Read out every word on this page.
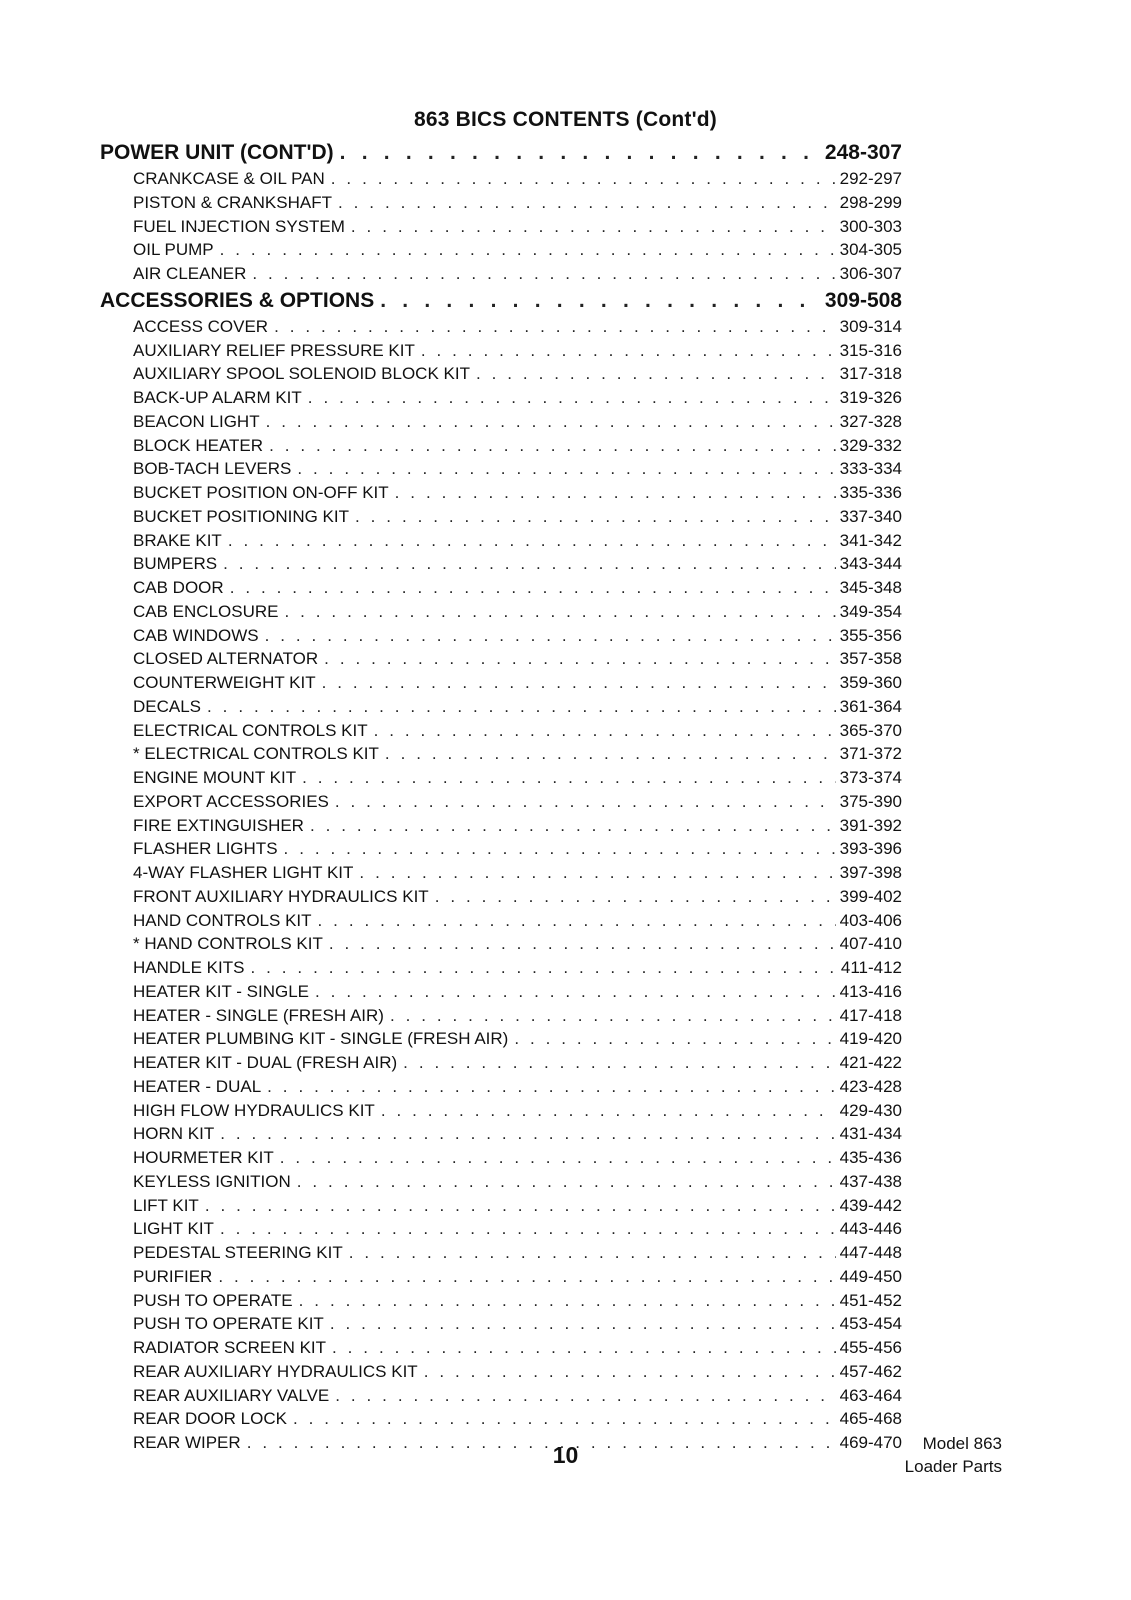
863 BICS CONTENTS (Cont'd)
POWER UNIT (CONT'D) . . .	248-307
CRANKCASE & OIL PAN . . .	292-297
PISTON & CRANKSHAFT . . .	298-299
FUEL INJECTION SYSTEM . . .	300-303
OIL PUMP . . .	304-305
AIR CLEANER . . .	306-307
ACCESSORIES & OPTIONS . . .	309-508
ACCESS COVER . . .	309-314
AUXILIARY RELIEF PRESSURE KIT . . .	315-316
AUXILIARY SPOOL SOLENOID BLOCK KIT . . .	317-318
BACK-UP ALARM KIT . . .	319-326
BEACON LIGHT . . .	327-328
BLOCK HEATER . . .	329-332
BOB-TACH LEVERS . . .	333-334
BUCKET POSITION ON-OFF KIT . . .	335-336
BUCKET POSITIONING KIT . . .	337-340
BRAKE KIT . . .	341-342
BUMPERS . . .	343-344
CAB DOOR . . .	345-348
CAB ENCLOSURE . . .	349-354
CAB WINDOWS . . .	355-356
CLOSED ALTERNATOR . . .	357-358
COUNTERWEIGHT KIT . . .	359-360
DECALS . . .	361-364
ELECTRICAL CONTROLS KIT . . .	365-370
* ELECTRICAL CONTROLS KIT . . .	371-372
ENGINE MOUNT KIT . . .	373-374
EXPORT ACCESSORIES . . .	375-390
FIRE EXTINGUISHER . . .	391-392
FLASHER LIGHTS . . .	393-396
4-WAY FLASHER LIGHT KIT . . .	397-398
FRONT AUXILIARY HYDRAULICS KIT . . .	399-402
HAND CONTROLS KIT . . .	403-406
* HAND CONTROLS KIT . . .	407-410
HANDLE KITS . . .	411-412
HEATER KIT - SINGLE . . .	413-416
HEATER - SINGLE (FRESH AIR) . . .	417-418
HEATER PLUMBING KIT - SINGLE (FRESH AIR) . . .	419-420
HEATER KIT - DUAL (FRESH AIR) . . .	421-422
HEATER - DUAL . . .	423-428
HIGH FLOW HYDRAULICS KIT . . .	429-430
HORN KIT . . .	431-434
HOURMETER KIT . . .	435-436
KEYLESS IGNITION . . .	437-438
LIFT KIT . . .	439-442
LIGHT KIT . . .	443-446
PEDESTAL STEERING KIT . . .	447-448
PURIFIER . . .	449-450
PUSH TO OPERATE . . .	451-452
PUSH TO OPERATE KIT . . .	453-454
RADIATOR SCREEN KIT . . .	455-456
REAR AUXILIARY HYDRAULICS KIT . . .	457-462
REAR AUXILIARY VALVE . . .	463-464
REAR DOOR LOCK . . .	465-468
REAR WIPER . . .	469-470
10	Model 863
Loader Parts
